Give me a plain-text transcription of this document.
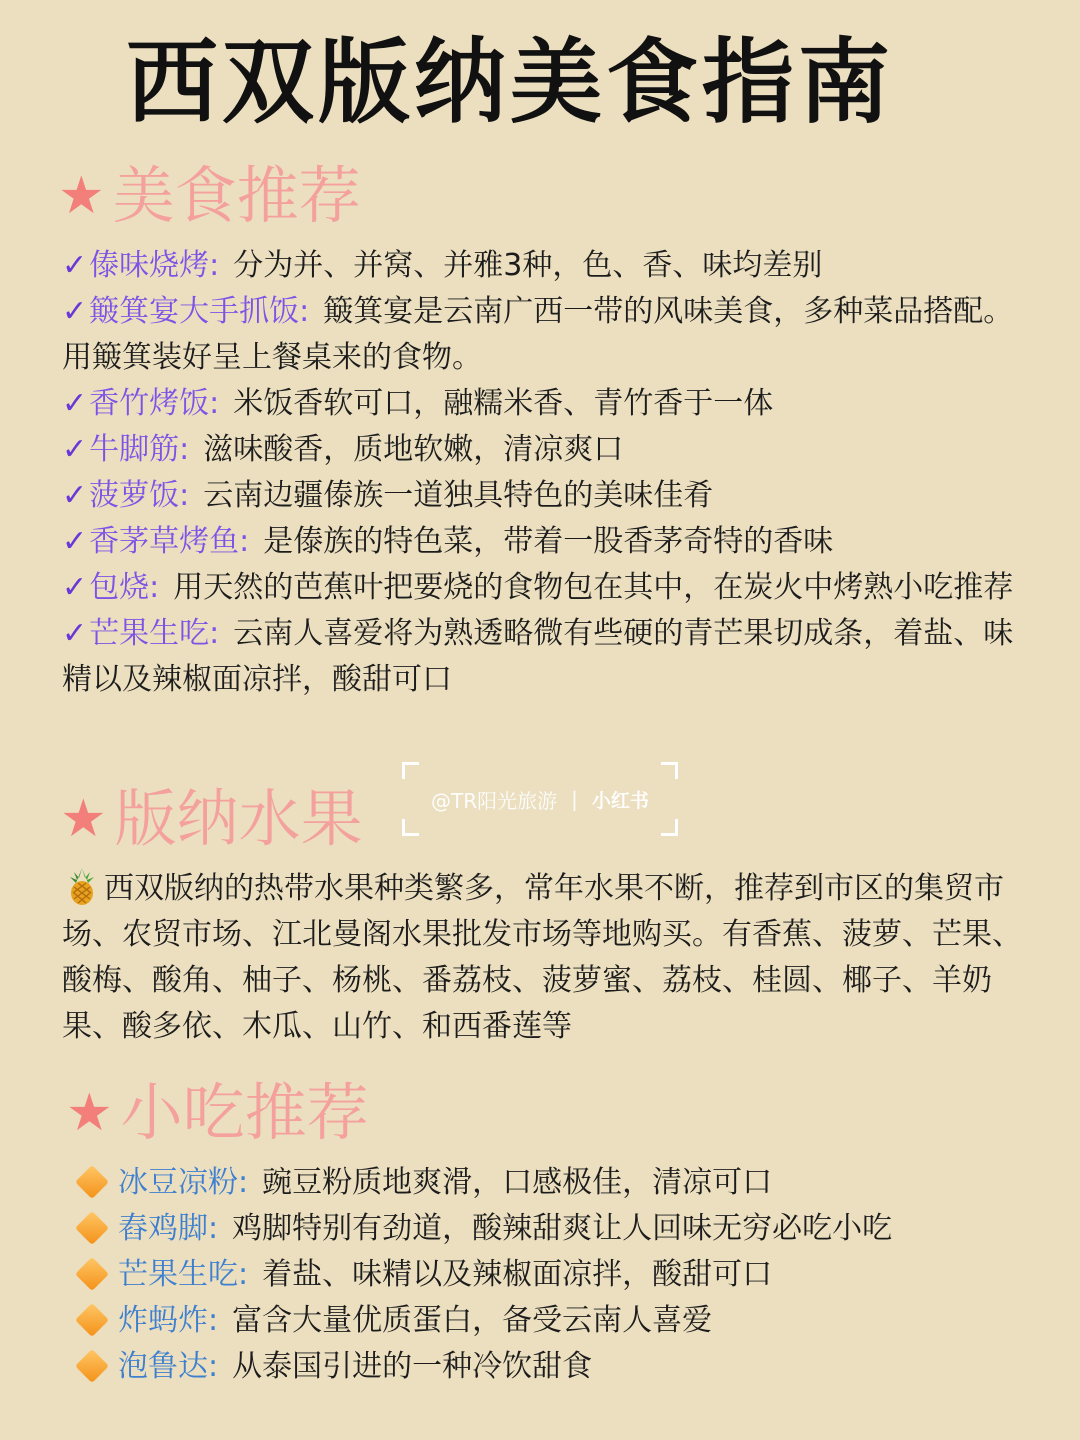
西双版纳美食指南
★ 美食推荐

✓傣味烧烤: 分为并、并窝、并雅3种，色、香、味均差别

✓簸箕宴大手抓饭: 簸箕宴是云南广西一带的风味美食，多种菜品搭配。用簸箕装好呈上餐桌来的食物。

✓香竹烤饭: 米饭香软可口，融糯米香、青竹香于一体

✓牛脚筋: 滋味酸香，质地软嫩，清凉爽口

✓菠萝饭: 云南边疆傣族一道独具特色的美味佳肴

✓香茅草烤鱼: 是傣族的特色菜，带着一股香茅奇特的香味

✓包烧: 用天然的芭蕉叶把要烧的食物包在其中，在炭火中烤熟小吃推荐

✓芒果生吃: 云南人喜爱将为熟透略微有些硬的青芒果切成条，着盐、味精以及辣椒面凉拌，酸甜可口

★ 版纳水果	@TR阳光旅游 | 小红书
西双版纳的热带水果种类繁多，常年水果不断，推荐到市区的集贸市场、农贸市场、江北曼阁水果批发市场等地购买。有香蕉、菠萝、芒果、酸梅、酸角、柚子、杨桃、番荔枝、菠萝蜜、荔枝、桂圆、椰子、羊奶果、酸多依、木瓜、山竹、和西番莲等
★ 小吃推荐

冰豆凉粉: 豌豆粉质地爽滑，口感极佳，清凉可口

舂鸡脚: 鸡脚特别有劲道，酸辣甜爽让人回味无穷必吃小吃

芒果生吃: 着盐、味精以及辣椒面凉拌，酸甜可口

炸蚂炸: 富含大量优质蛋白，备受云南人喜爱

泡鲁达: 从泰国引进的一种冷饮甜食
